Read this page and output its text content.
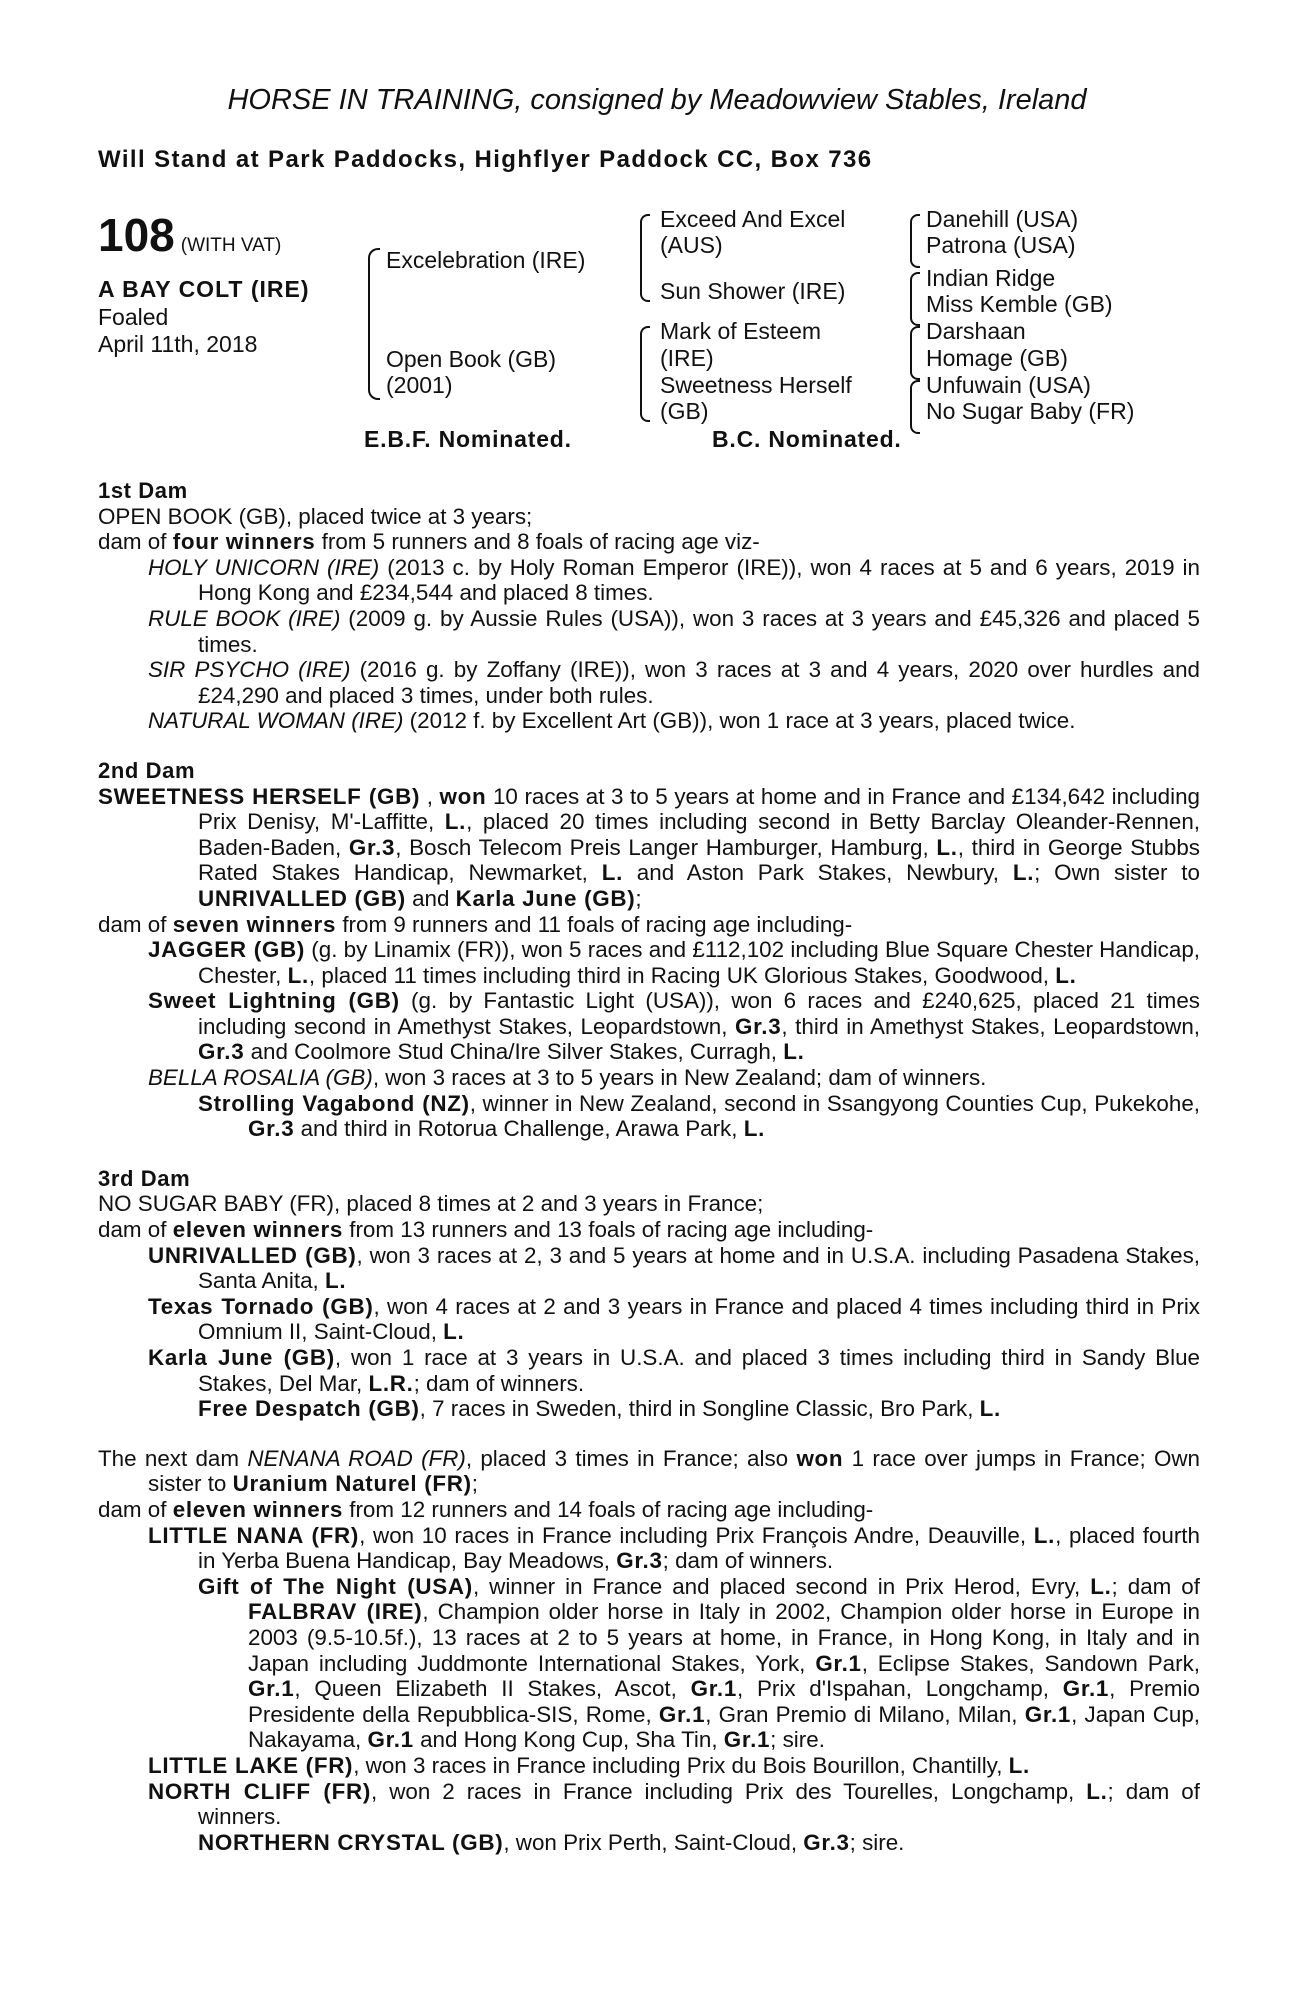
HORSE IN TRAINING, consigned by Meadowview Stables, Ireland
Will Stand at Park Paddocks, Highflyer Paddock CC, Box 736
108 (WITH VAT)
A BAY COLT (IRE)
Foaled
April 11th, 2018
Excelebration (IRE)
Open Book (GB)
(2001)
Exceed And Excel
(AUS)
Sun Shower (IRE)
Mark of Esteem
(IRE)
Sweetness Herself
(GB)
Danehill (USA)
Patrona (USA)
Indian Ridge
Miss Kemble (GB)
Darshaan
Homage (GB)
Unfuwain (USA)
No Sugar Baby (FR)
E.B.F. Nominated.	B.C. Nominated.
1st Dam
OPEN BOOK (GB), placed twice at 3 years;
dam of four winners from 5 runners and 8 foals of racing age viz-
HOLY UNICORN (IRE) (2013 c. by Holy Roman Emperor (IRE)), won 4 races at 5 and 6 years, 2019 in Hong Kong and £234,544 and placed 8 times.
RULE BOOK (IRE) (2009 g. by Aussie Rules (USA)), won 3 races at 3 years and £45,326 and placed 5 times.
SIR PSYCHO (IRE) (2016 g. by Zoffany (IRE)), won 3 races at 3 and 4 years, 2020 over hurdles and £24,290 and placed 3 times, under both rules.
NATURAL WOMAN (IRE) (2012 f. by Excellent Art (GB)), won 1 race at 3 years, placed twice.
2nd Dam
SWEETNESS HERSELF (GB) , won 10 races at 3 to 5 years at home and in France and £134,642 including Prix Denisy, M'-Laffitte, L., placed 20 times including second in Betty Barclay Oleander-Rennen, Baden-Baden, Gr.3, Bosch Telecom Preis Langer Hamburger, Hamburg, L., third in George Stubbs Rated Stakes Handicap, Newmarket, L. and Aston Park Stakes, Newbury, L.; Own sister to UNRIVALLED (GB) and Karla June (GB);
dam of seven winners from 9 runners and 11 foals of racing age including-
JAGGER (GB) (g. by Linamix (FR)), won 5 races and £112,102 including Blue Square Chester Handicap, Chester, L., placed 11 times including third in Racing UK Glorious Stakes, Goodwood, L.
Sweet Lightning (GB) (g. by Fantastic Light (USA)), won 6 races and £240,625, placed 21 times including second in Amethyst Stakes, Leopardstown, Gr.3, third in Amethyst Stakes, Leopardstown, Gr.3 and Coolmore Stud China/Ire Silver Stakes, Curragh, L.
BELLA ROSALIA (GB), won 3 races at 3 to 5 years in New Zealand; dam of winners.
Strolling Vagabond (NZ), winner in New Zealand, second in Ssangyong Counties Cup, Pukekohe, Gr.3 and third in Rotorua Challenge, Arawa Park, L.
3rd Dam
NO SUGAR BABY (FR), placed 8 times at 2 and 3 years in France;
dam of eleven winners from 13 runners and 13 foals of racing age including-
UNRIVALLED (GB), won 3 races at 2, 3 and 5 years at home and in U.S.A. including Pasadena Stakes, Santa Anita, L.
Texas Tornado (GB), won 4 races at 2 and 3 years in France and placed 4 times including third in Prix Omnium II, Saint-Cloud, L.
Karla June (GB), won 1 race at 3 years in U.S.A. and placed 3 times including third in Sandy Blue Stakes, Del Mar, L.R.; dam of winners.
Free Despatch (GB), 7 races in Sweden, third in Songline Classic, Bro Park, L.
The next dam NENANA ROAD (FR), placed 3 times in France; also won 1 race over jumps in France; Own sister to Uranium Naturel (FR);
dam of eleven winners from 12 runners and 14 foals of racing age including-
LITTLE NANA (FR), won 10 races in France including Prix François Andre, Deauville, L., placed fourth in Yerba Buena Handicap, Bay Meadows, Gr.3; dam of winners.
Gift of The Night (USA), winner in France and placed second in Prix Herod, Evry, L.; dam of FALBRAV (IRE), Champion older horse in Italy in 2002, Champion older horse in Europe in 2003 (9.5-10.5f.), 13 races at 2 to 5 years at home, in France, in Hong Kong, in Italy and in Japan including Juddmonte International Stakes, York, Gr.1, Eclipse Stakes, Sandown Park, Gr.1, Queen Elizabeth II Stakes, Ascot, Gr.1, Prix d'Ispahan, Longchamp, Gr.1, Premio Presidente della Repubblica-SIS, Rome, Gr.1, Gran Premio di Milano, Milan, Gr.1, Japan Cup, Nakayama, Gr.1 and Hong Kong Cup, Sha Tin, Gr.1; sire.
LITTLE LAKE (FR), won 3 races in France including Prix du Bois Bourillon, Chantilly, L.
NORTH CLIFF (FR), won 2 races in France including Prix des Tourelles, Longchamp, L.; dam of winners.
NORTHERN CRYSTAL (GB), won Prix Perth, Saint-Cloud, Gr.3; sire.
